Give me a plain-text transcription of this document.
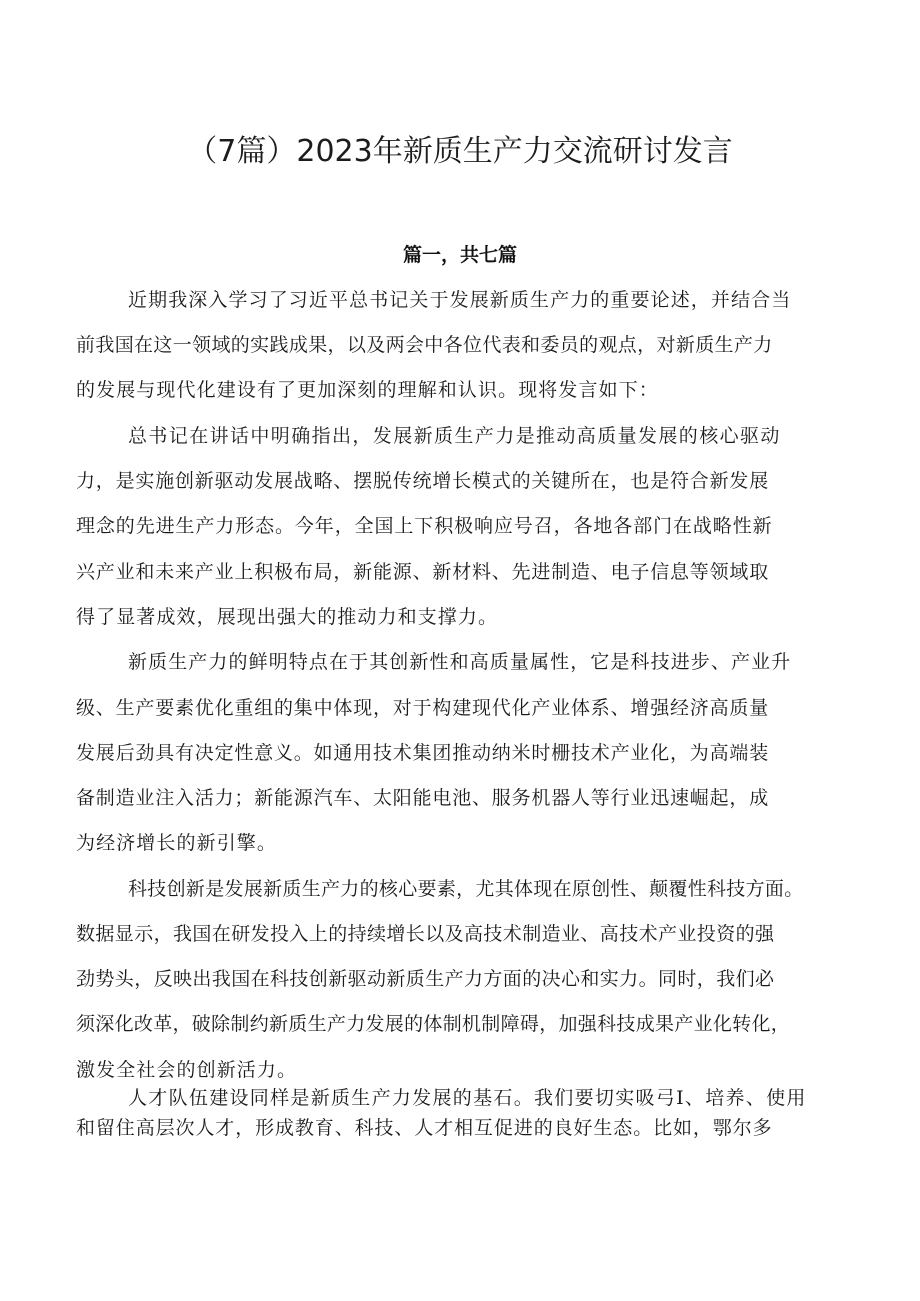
（7篇）2023年新质生产力交流研讨发言
篇一，共七篇
近期我深入学习了习近平总书记关于发展新质生产力的重要论述，并结合当
前我国在这一领域的实践成果，以及两会中各位代表和委员的观点，对新质生产力
的发展与现代化建设有了更加深刻的理解和认识。现将发言如下：
总书记在讲话中明确指出，发展新质生产力是推动高质量发展的核心驱动
力，是实施创新驱动发展战略、摆脱传统增长模式的关键所在，也是符合新发展
理念的先进生产力形态。今年，全国上下积极响应号召，各地各部门在战略性新
兴产业和未来产业上积极布局，新能源、新材料、先进制造、电子信息等领域取
得了显著成效，展现出强大的推动力和支撑力。
新质生产力的鲜明特点在于其创新性和高质量属性，它是科技进步、产业升
级、生产要素优化重组的集中体现，对于构建现代化产业体系、增强经济高质量
发展后劲具有决定性意义。如通用技术集团推动纳米时栅技术产业化，为高端装
备制造业注入活力；新能源汽车、太阳能电池、服务机器人等行业迅速崛起，成
为经济增长的新引擎。
科技创新是发展新质生产力的核心要素，尤其体现在原创性、颠覆性科技方面。
数据显示，我国在研发投入上的持续增长以及高技术制造业、高技术产业投资的强
劲势头，反映出我国在科技创新驱动新质生产力方面的决心和实力。同时，我们必
须深化改革，破除制约新质生产力发展的体制机制障碍，加强科技成果产业化转化，
激发全社会的创新活力。
人才队伍建设同样是新质生产力发展的基石。我们要切实吸弓I、培养、使用
和留住高层次人才，形成教育、科技、人才相互促进的良好生态。比如，鄂尔多
